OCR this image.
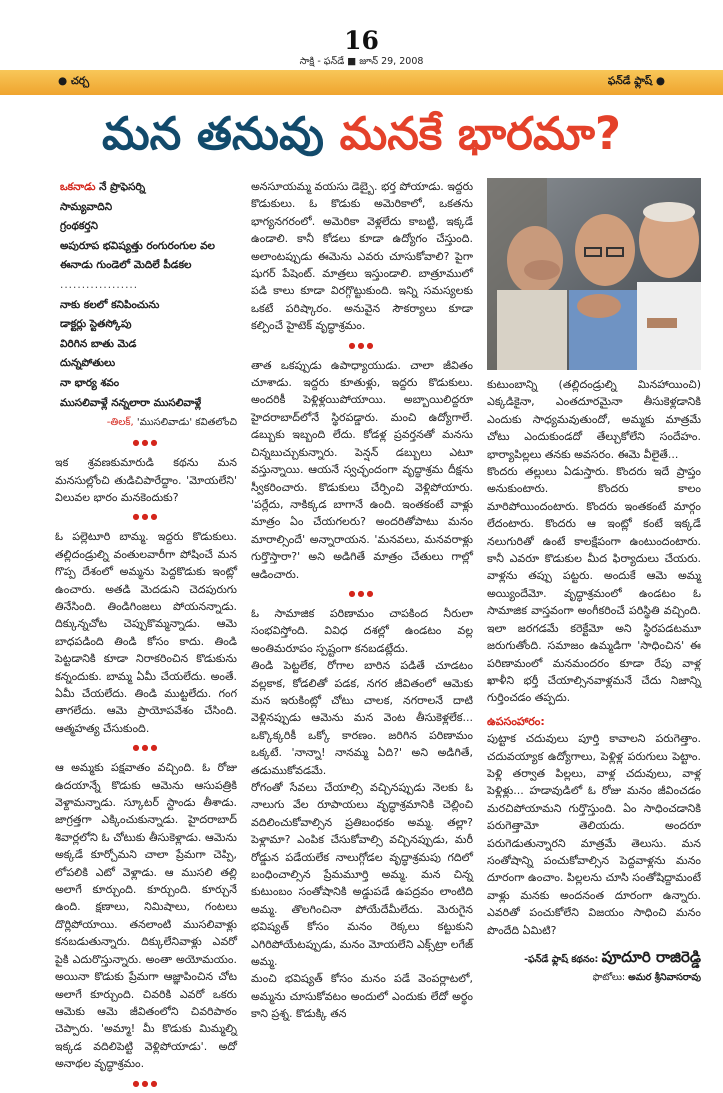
16
సాక్షి - ఫన్‌డే ■ జూన్ 29, 2008
● చర్చ	ఫన్‌డే ఫ్లాష్ ●
మన తనువు మనకే భారమా?
ఒకనాడు నే ప్రొఫెసర్ని
సామ్యవాదిని
గ్రంథకర్తని
అపురూప భవిష్యత్తు రంగురంగుల వల
ఈనాడు గుండెలో మెదిలే పీడకల
..................
నాకు కలలో కనిపించును
డాక్టర్లు స్టెతస్కోపు
విరిగిన బాతు మెడ
దున్నపోతులు
నా భార్య శవం
ముసలివాళ్లే నన్నలారా ముసలివాళ్లే
-తిలక్, 'ముసలివాడు' కవితలోంచి
●●●

ఇక శ్రవణకుమారుడి కథను మన మనసుల్లోంచి తుడిచిపారేద్దాం. 'మోయలేని' విలువల భారం మనకెందుకు?

●●●

ఓ పల్లెటూరి బామ్మ. ఇద్దరు కొడుకులు. తల్లిదండ్రుల్ని వంతులవారీగా పోషించే మన గొప్ప దేశంలో అమ్మను పెద్దకొడుకు ఇంట్లో ఉంచారు. అతడి మెదడుని చెదపురుగు తినేసింది. తిండిగింజలు పోయనన్నాడు. దిక్కున్నచోట చెప్పుకొమ్మన్నాడు. ఆమె బాధపడింది తిండి కోసం కాదు. తిండి పెట్టడానికి కూడా నిరాకరించిన కొడుకును కన్నందుకు. బామ్మ ఏమీ చేయలేదు. అంతే. ఏమీ చేయలేదు. తిండి ముట్టలేదు. గంగ తాగలేదు. ఆమె ప్రాయోపవేశం చేసింది. ఆత్మహత్య చేసుకుంది.

●●●

ఆ అమ్మకు పక్షవాతం వచ్చింది. ఓ రోజు ఉదయాన్నే కొడుకు ఆమెను ఆసుపత్రికి వెళ్దామన్నాడు. స్కూటర్ స్టాండు తీశాడు. జాగ్రత్తగా ఎక్కించుకున్నాడు. హైదరాబాద్ శివార్లలోని ఓ చోటుకు తీసుకెళ్లాడు. ఆమెను అక్కడే కూర్చోమని చాలా ప్రేమగా చెప్పి, లోపలికి ఎటో వెళ్లాడు. ఆ ముసలి తల్లి అలాగే కూర్చుంది. కూర్చుంది. కూర్చునే ఉంది. క్షణాలు, నిమిషాలు, గంటలు దొర్లిపోయాయి. తనలాంటి ముసలివాళ్లు కనబడుతున్నారు. దిక్కులేనివాళ్లు ఎవరో పైకి ఎదురొస్తున్నారు. అంతా అయోమయం. అయినా కొడుకు ప్రేమగా ఆజ్ఞాపించిన చోట అలాగే కూర్చుంది. చివరికి ఎవరో ఒకరు ఆమెకు ఆమె జీవితంలోని చివరిపాఠం చెప్పారు. 'అమ్మా! మీ కొడుకు మిమ్మల్ని ఇక్కడ వదిలిపెట్టి వెళ్లిపోయాడు'. అదో అనాథల వృద్ధాశ్రమం.

●●●

అనసూయమ్మ వయసు డెబ్బై. భర్త పోయాడు. ఇద్దరు కొడుకులు. ఓ కొడుకు అమెరికాలో, ఒకతను భాగ్యనగరంలో. అమెరికా వెళ్లలేదు కాబట్టి, ఇక్కడే ఉండాలి. కానీ కోడలు కూడా ఉద్యోగం చేస్తుంది. అలాంటప్పుడు ఈమెను ఎవరు చూసుకోవాలి? పైగా షుగర్ పేషెంట్. మాత్రలు ఇస్తుండాలి. బాత్రూములో పడి కాలు కూడా విరగ్గొట్టుకుంది. ఇన్ని సమస్యలకు ఒకటే పరిష్కారం. అనువైన సౌకర్యాలు కూడా కల్పించే హైటెక్ వృద్ధాశ్రమం.

●●●

తాత ఒకప్పుడు ఉపాధ్యాయుడు. చాలా జీవితం చూశాడు. ఇద్దరు కూతుళ్లు, ఇద్దరు కొడుకులు. అందరికీ పెళ్లిళ్లయిపోయాయి. అబ్బాయిలిద్దరూ హైదరాబాద్‌లోనే స్థిరపడ్డారు. మంచి ఉద్యోగాలే. డబ్బుకు ఇబ్బంది లేదు. కోడళ్ల ప్రవర్తనతో మనసు చిన్నబుచ్చుకున్నారు. పెన్షన్ డబ్బులు ఎటూ వస్తున్నాయి. ఆయనే స్వచ్ఛందంగా వృద్ధాశ్రమ దీక్షను స్వీకరించారు. కొడుకులు చేర్పించి వెళ్లిపోయారు. 'పర్లేదు, నాకిక్కడ బాగానే ఉంది. ఇంతకంటే వాళ్లు మాత్రం ఏం చేయగలరు? అందరితోపాటు మనం మారాల్సిందే' అన్నారాయన. 'మనవలు, మనవరాళ్లు గుర్తొస్తారా?' అని అడిగితే మాత్రం చేతులు గాల్లో ఆడించారు.

●●●

ఓ సామాజిక పరిణామం చాపకింద నీరులా సంభవిస్తోంది. వివిధ దశల్లో ఉండటం వల్ల అంతిమరూపం స్పష్టంగా కనబడట్లేదు.

తిండి పెట్టలేక, రోగాల బారిన పడితే చూడటం వల్లకాక, కోడలితో పడక, నగర జీవితంలో ఆమెకు మన ఇరుకింట్లో చోటు చాలక, నగరాలనే దాటి వెళ్లినప్పుడు ఆమెను మన వెంట తీసుకెళ్లలేక... ఒక్కొక్కరికీ ఒక్కో కారణం. జరిగిన పరిణామం ఒక్కటే. 'నాన్నా! నానమ్మ ఏది?' అని అడిగితే, తడుముకోవడమే.

రోగంతో సేవలు చేయాల్సి వచ్చినప్పుడు నెలకు ఓ నాలుగు వేల రూపాయలు వృద్ధాశ్రమానికి చెల్లించి వదిలించుకోవాల్సిన ప్రతిబంధకం అమ్మ. తల్లా? పెళ్లామా? ఎంపిక చేసుకోవాల్సి వచ్చినప్పుడు, మరీ రోడ్డున పడేయలేక నాలుగ్గోడల వృద్ధాశ్రమపు గదిలో బంధించాల్సిన ప్రేమమూర్తి అమ్మ. మన చిన్న కుటుంబం సంతోషానికి అడ్డుపడే ఉపద్రవం లాంటిది అమ్మ. తొలగించినా పోయేదేమీలేదు. మెరుగైన భవిష్యత్ కోసం మనం రెక్కలు కట్టుకుని ఎగిరిపోయేటప్పుడు, మనం మోయలేని ఎక్స్‌ట్రా లగేజ్ అమ్మ.

మంచి భవిష్యత్ కోసం మనం పడే వెంపర్లాటలో, అమ్మను చూసుకోవటం అందులో ఎందుకు లేదో అర్థం కాని ప్రశ్న. కొడుక్కి తన

కుటుంబాన్ని (తల్లిదండ్రుల్ని మినహాయించి) ఎక్కడికైనా, ఎంతదూరమైనా తీసుకెళ్లడానికి ఎందుకు సాధ్యమవుతుందో, అమ్మకు మాత్రమే చోటు ఎందుకుండదో తేల్చుకోలేని సందేహం. భార్యాపిల్లలు తనకు అవసరం. ఈమె వీలైతే...

కొందరు తల్లులు ఏడుస్తారు. కొందరు ఇదే ప్రాప్తం అనుకుంటారు. కొందరు కాలం మారిపోయిందంటారు. కొందరు ఇంతకంటే మార్గం లేదంటారు. కొందరు ఆ ఇంట్లో కంటే ఇక్కడే నలుగురితో ఉంటే కాలక్షేపంగా ఉంటుందంటారు. కానీ ఎవరూ కొడుకుల మీద ఫిర్యాదులు చేయరు. వాళ్లను తప్పు పట్టరు. అందుకే ఆమె అమ్మ అయ్యిందేమో. వృద్ధాశ్రమంలో ఉండటం ఓ సామాజిక వాస్తవంగా అంగీకరించే పరిస్థితి వచ్చింది. ఇలా జరగడమే కరెక్టేమో అని స్థిరపడటమూ జరుగుతోంది. సమాజం ఉమ్మడిగా 'సాధించిన' ఈ పరిణామంలో మనమందరం కూడా రేపు వాళ్ల ఖాళీని భర్తీ చేయాల్సినవాళ్లమనే చేదు నిజాన్ని గుర్తించడం తప్పదు.

ఉపసంహారం:

పుట్టాక చదువులు పూర్తి కావాలని పరుగెత్తాం. చదువయ్యాక ఉద్యోగాలు, పెళ్లిళ్ల పరుగులు పెట్టాం. పెళ్లి తర్వాత పిల్లలు, వాళ్ల చదువులు, వాళ్ల పెళ్లిళ్లు... హడావుడిలో ఓ రోజు మనం జీవించడం మరచిపోయామని గుర్తొస్తుంది. ఏం సాధించడానికి పరుగెత్తామో తెలియదు. అందరూ పరుగెడుతున్నారని మాత్రమే తెలుసు. మన సంతోషాన్ని పంచుకోవాల్సిన పెద్దవాళ్లను మనం దూరంగా ఉంచాం. పిల్లలను చూసి సంతోషిద్దామంటే వాళ్లు మనకు అందనంత దూరంగా ఉన్నారు. ఎవరితో పంచుకోలేని విజయం సాధించి మనం పొందేది ఏమిటి?

-ఫన్‌డే ఫ్లాష్ కథనం: పూదూరి రాజిరెడ్డి
ఫొటోలు: అమర శ్రీనివాసరావు
